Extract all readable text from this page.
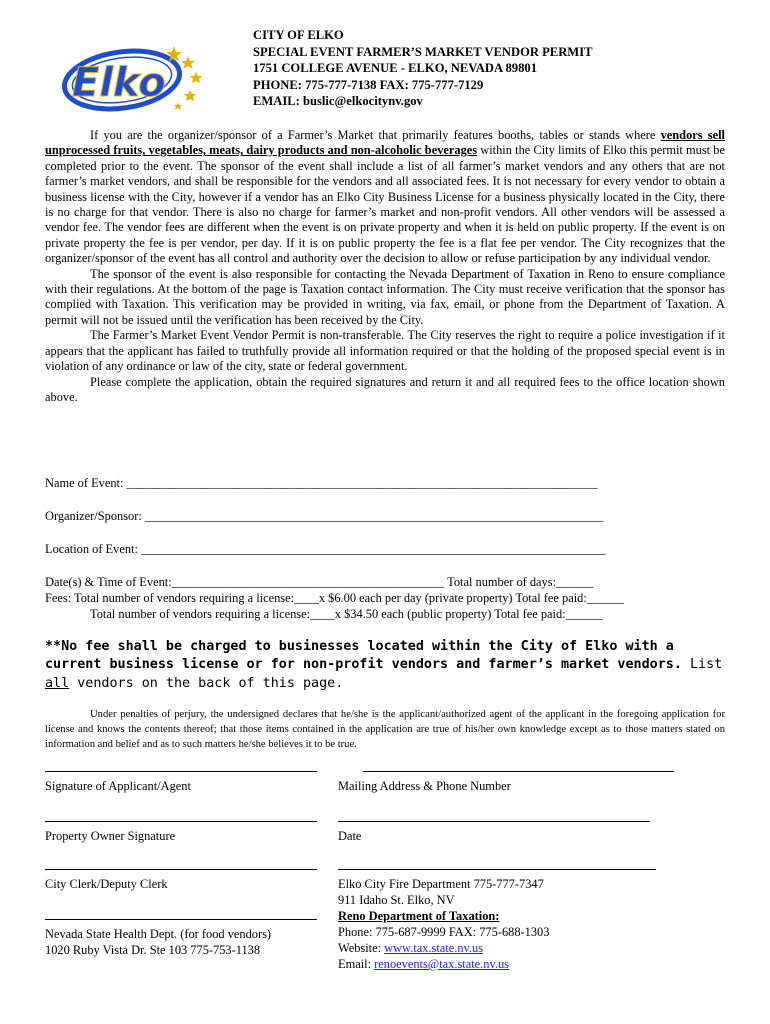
Elko
CITY OF ELKO
SPECIAL EVENT FARMER’S MARKET VENDOR PERMIT
1751 COLLEGE AVENUE - ELKO, NEVADA 89801
PHONE: 775-777-7138 FAX: 775-777-7129
EMAIL: buslic@elkocitynv.gov

If you are the organizer/sponsor of a Farmer’s Market that primarily features booths, tables or stands where vendors sell unprocessed fruits, vegetables, meats, dairy products and non-alcoholic beverages within the City limits of Elko this permit must be completed prior to the event. The sponsor of the event shall include a list of all farmer’s market vendors and any others that are not farmer’s market vendors, and shall be responsible for the vendors and all associated fees. It is not necessary for every vendor to obtain a business license with the City, however if a vendor has an Elko City Business License for a business physically located in the City, there is no charge for that vendor. There is also no charge for farmer’s market and non-profit vendors. All other vendors will be assessed a vendor fee. The vendor fees are different when the event is on private property and when it is held on public property. If the event is on private property the fee is per vendor, per day. If it is on public property the fee is a flat fee per vendor. The City recognizes that the organizer/sponsor of the event has all control and authority over the decision to allow or refuse participation by any individual vendor.

The sponsor of the event is also responsible for contacting the Nevada Department of Taxation in Reno to ensure compliance with their regulations. At the bottom of the page is Taxation contact information. The City must receive verification that the sponsor has complied with Taxation. This verification may be provided in writing, via fax, email, or phone from the Department of Taxation. A permit will not be issued until the verification has been received by the City.

The Farmer’s Market Event Vendor Permit is non-transferable. The City reserves the right to require a police investigation if it appears that the applicant has failed to truthfully provide all information required or that the holding of the proposed special event is in violation of any ordinance or law of the city, state or federal government.

Please complete the application, obtain the required signatures and return it and all required fees to the office location shown above.

Name of Event: ____________________________________________________________________________
Organizer/Sponsor: __________________________________________________________________________
Location of Event: ___________________________________________________________________________
Date(s) & Time of Event:____________________________________________ Total number of days:______
Fees: Total number of vendors requiring a license:____x $6.00 each per day (private property) Total fee paid:______
Total number of vendors requiring a license:____x $34.50 each (public property) Total fee paid:______
**No fee shall be charged to businesses located within the City of Elko with a current business license or for non-profit vendors and farmer’s market vendors. List all vendors on the back of this page.

Under penalties of perjury, the undersigned declares that he/she is the applicant/authorized agent of the applicant in the foregoing application for license and knows the contents thereof; that those items contained in the application are true of his/her own knowledge except as to those matters stated on information and belief and as to such matters he/she believes it to be true.

Signature of Applicant/Agent	Mailing Address & Phone Number
Property Owner Signature	Date
City Clerk/Deputy Clerk	Elko City Fire Department 775-777-7347
911 Idaho St. Elko, NV
Reno Department of Taxation:
Phone: 775-687-9999 FAX: 775-688-1303
Website: www.tax.state.nv.us
Email: renoevents@tax.state.nv.us
Nevada State Health Dept. (for food vendors)
1020 Ruby Vista Dr. Ste 103 775-753-1138
